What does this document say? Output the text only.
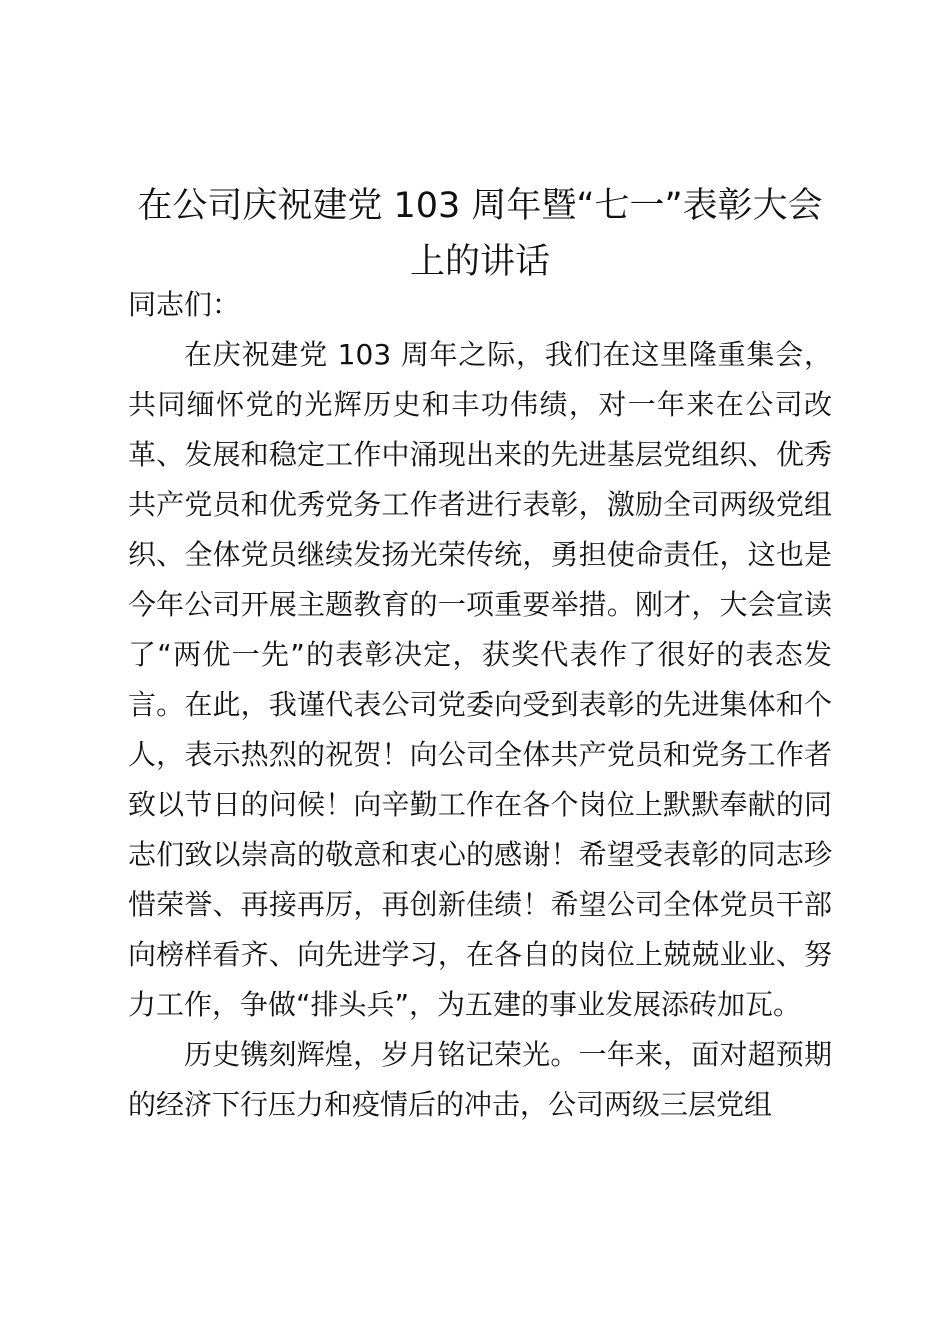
在公司庆祝建党 103 周年暨“七一”表彰大会上的讲话

同志们：

在庆祝建党 103 周年之际，我们在这里隆重集会，共同缅怀党的光辉历史和丰功伟绩，对一年来在公司改革、发展和稳定工作中涌现出来的先进基层党组织、优秀共产党员和优秀党务工作者进行表彰，激励全司两级党组织、全体党员继续发扬光荣传统，勇担使命责任，这也是今年公司开展主题教育的一项重要举措。刚才，大会宣读了“两优一先”的表彰决定，获奖代表作了很好的表态发言。在此，我谨代表公司党委向受到表彰的先进集体和个人，表示热烈的祝贺！向公司全体共产党员和党务工作者致以节日的问候！向辛勤工作在各个岗位上默默奉献的同志们致以崇高的敬意和衷心的感谢！希望受表彰的同志珍惜荣誉、再接再厉，再创新佳绩！希望公司全体党员干部向榜样看齐、向先进学习，在各自的岗位上兢兢业业、努力工作，争做“排头兵”，为五建的事业发展添砖加瓦。

历史镌刻辉煌，岁月铭记荣光。一年来，面对超预期的经济下行压力和疫情后的冲击，公司两级三层党组
